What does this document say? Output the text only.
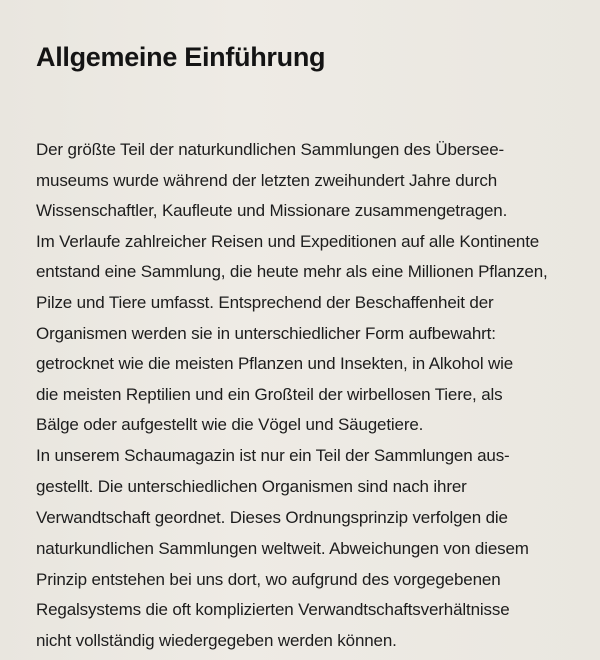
Allgemeine Einführung

Der größte Teil der naturkundlichen Sammlungen des Übersee-
museums wurde während der letzten zweihundert Jahre durch
Wissenschaftler, Kaufleute und Missionare zusammengetragen.
Im Verlaufe zahlreicher Reisen und Expeditionen auf alle Kontinente
entstand eine Sammlung, die heute mehr als eine Millionen Pflanzen,
Pilze und Tiere umfasst. Entsprechend der Beschaffenheit der
Organismen werden sie in unterschiedlicher Form aufbewahrt:
getrocknet wie die meisten Pflanzen und Insekten, in Alkohol wie
die meisten Reptilien und ein Großteil der wirbellosen Tiere, als
Bälge oder aufgestellt wie die Vögel und Säugetiere.

In unserem Schaumagazin ist nur ein Teil der Sammlungen aus-
gestellt. Die unterschiedlichen Organismen sind nach ihrer
Verwandtschaft geordnet. Dieses Ordnungsprinzip verfolgen die
naturkundlichen Sammlungen weltweit. Abweichungen von diesem
Prinzip entstehen bei uns dort, wo aufgrund des vorgegebenen
Regalsystems die oft komplizierten Verwandtschaftsverhältnisse
nicht vollständig wiedergegeben werden können.
